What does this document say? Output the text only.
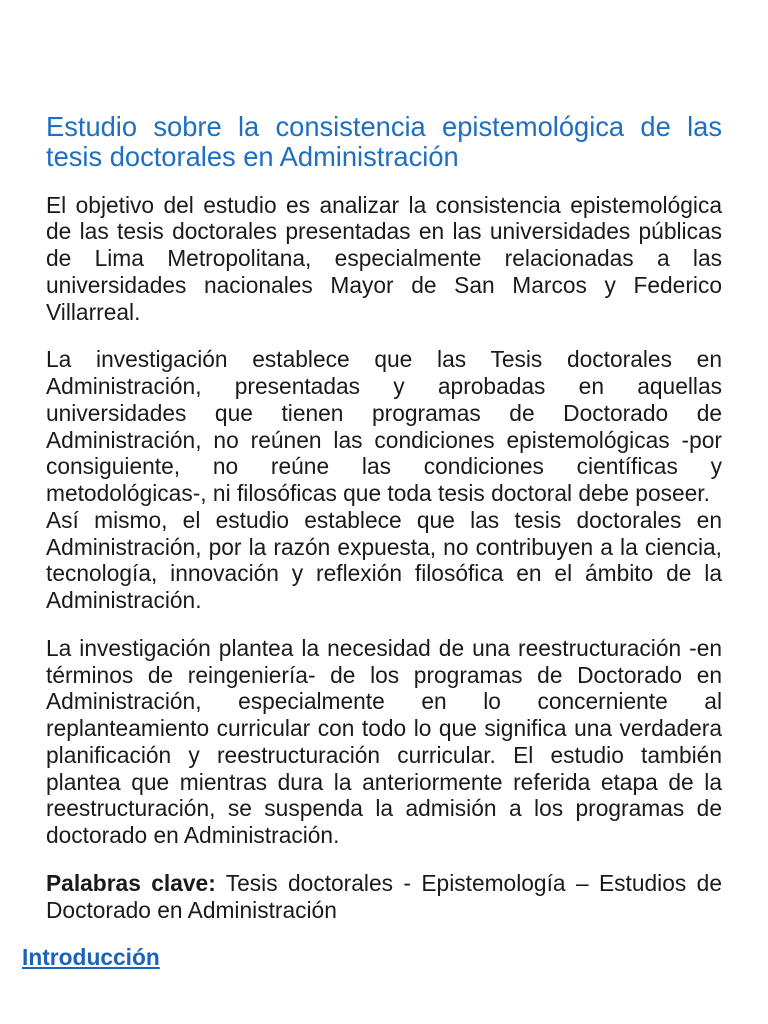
Estudio sobre la consistencia epistemológica de las
tesis doctorales en Administración

El objetivo del estudio es analizar la consistencia epistemológica
de las tesis doctorales presentadas en las universidades públicas
de Lima Metropolitana, especialmente relacionadas a las
universidades nacionales Mayor de San Marcos y Federico
Villarreal.

La investigación establece que las Tesis doctorales en
Administración, presentadas y aprobadas en aquellas
universidades que tienen programas de Doctorado de
Administración, no reúnen las condiciones epistemológicas -por
consiguiente, no reúne las condiciones científicas y
metodológicas-, ni filosóficas que toda tesis doctoral debe poseer.
Así mismo, el estudio establece que las tesis doctorales en
Administración, por la razón expuesta, no contribuyen a la ciencia,
tecnología, innovación y reflexión filosófica en el ámbito de la
Administración.

La investigación plantea la necesidad de una reestructuración -en
términos de reingeniería- de los programas de Doctorado en
Administración, especialmente en lo concerniente al
replanteamiento curricular con todo lo que significa una verdadera
planificación y reestructuración curricular. El estudio también
plantea que mientras dura la anteriormente referida etapa de la
reestructuración, se suspenda la admisión a los programas de
doctorado en Administración.

Palabras clave: Tesis doctorales - Epistemología – Estudios de
Doctorado en Administración

Introducción
